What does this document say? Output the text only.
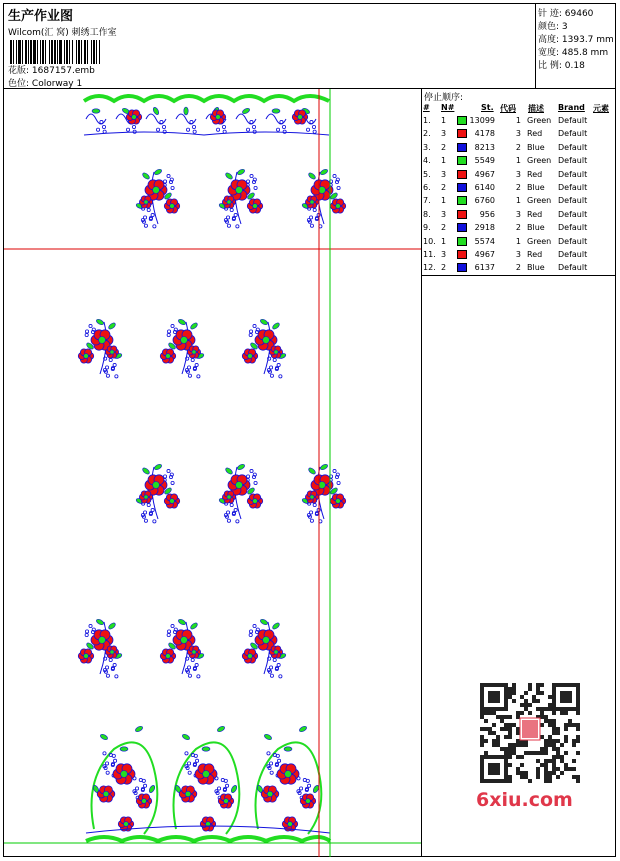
生产作业图
Wilcom(汇 窝) 刺绣工作室
花版: 1687157.emb
色位: Colorway 1
针 迹: 69460
颜色: 3
高度: 1393.7 mm
宽度: 485.8 mm
比 例: 0.18
停止顺序:
# N#	St. 代码 描述 Brand 元素
1. 1	13099	1 Green Default
2. 3	4178	3 Red Default
3. 2	8213	2 Blue Default
4. 1	5549	1 Green Default
5. 3	4967	3 Red Default
6. 2	6140	2 Blue Default
7. 1	6760	1 Green Default
8. 3	956	3 Red Default
9. 2	2918	2 Blue Default
10. 1	5574	1 Green Default
11. 3	4967	3 Red Default
12. 2	6137	2 Blue Default
6xiu.com
